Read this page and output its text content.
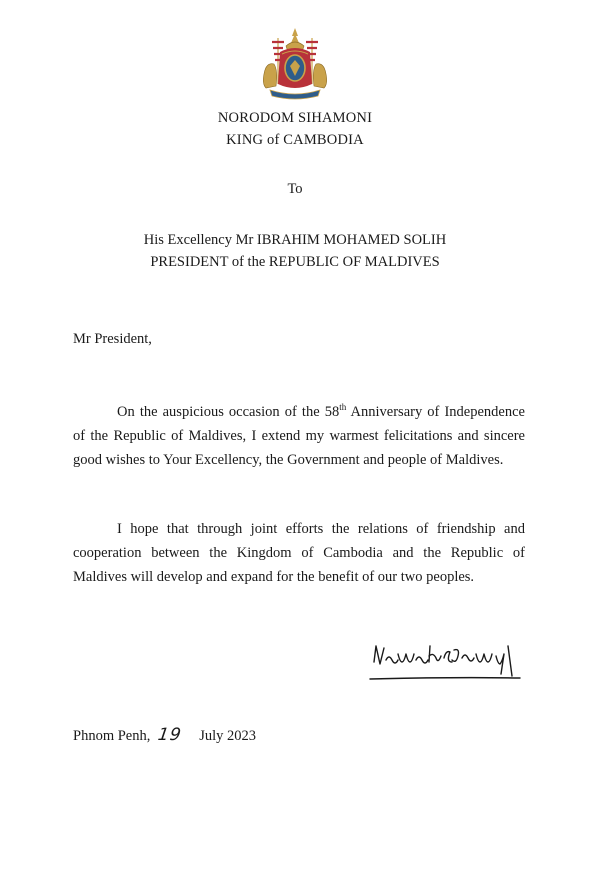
NORODOM SIHAMONI
KING of CAMBODIA
To
His Excellency Mr IBRAHIM MOHAMED SOLIH
PRESIDENT of the REPUBLIC OF MALDIVES
Mr President,
On the auspicious occasion of the 58th Anniversary of Independence of the Republic of Maldives, I extend my warmest felicitations and sincere good wishes to Your Excellency, the Government and people of Maldives.
I hope that through joint efforts the relations of friendship and cooperation between the Kingdom of Cambodia and the Republic of Maldives will develop and expand for the benefit of our two peoples.
Phnom Penh, 19 July 2023
